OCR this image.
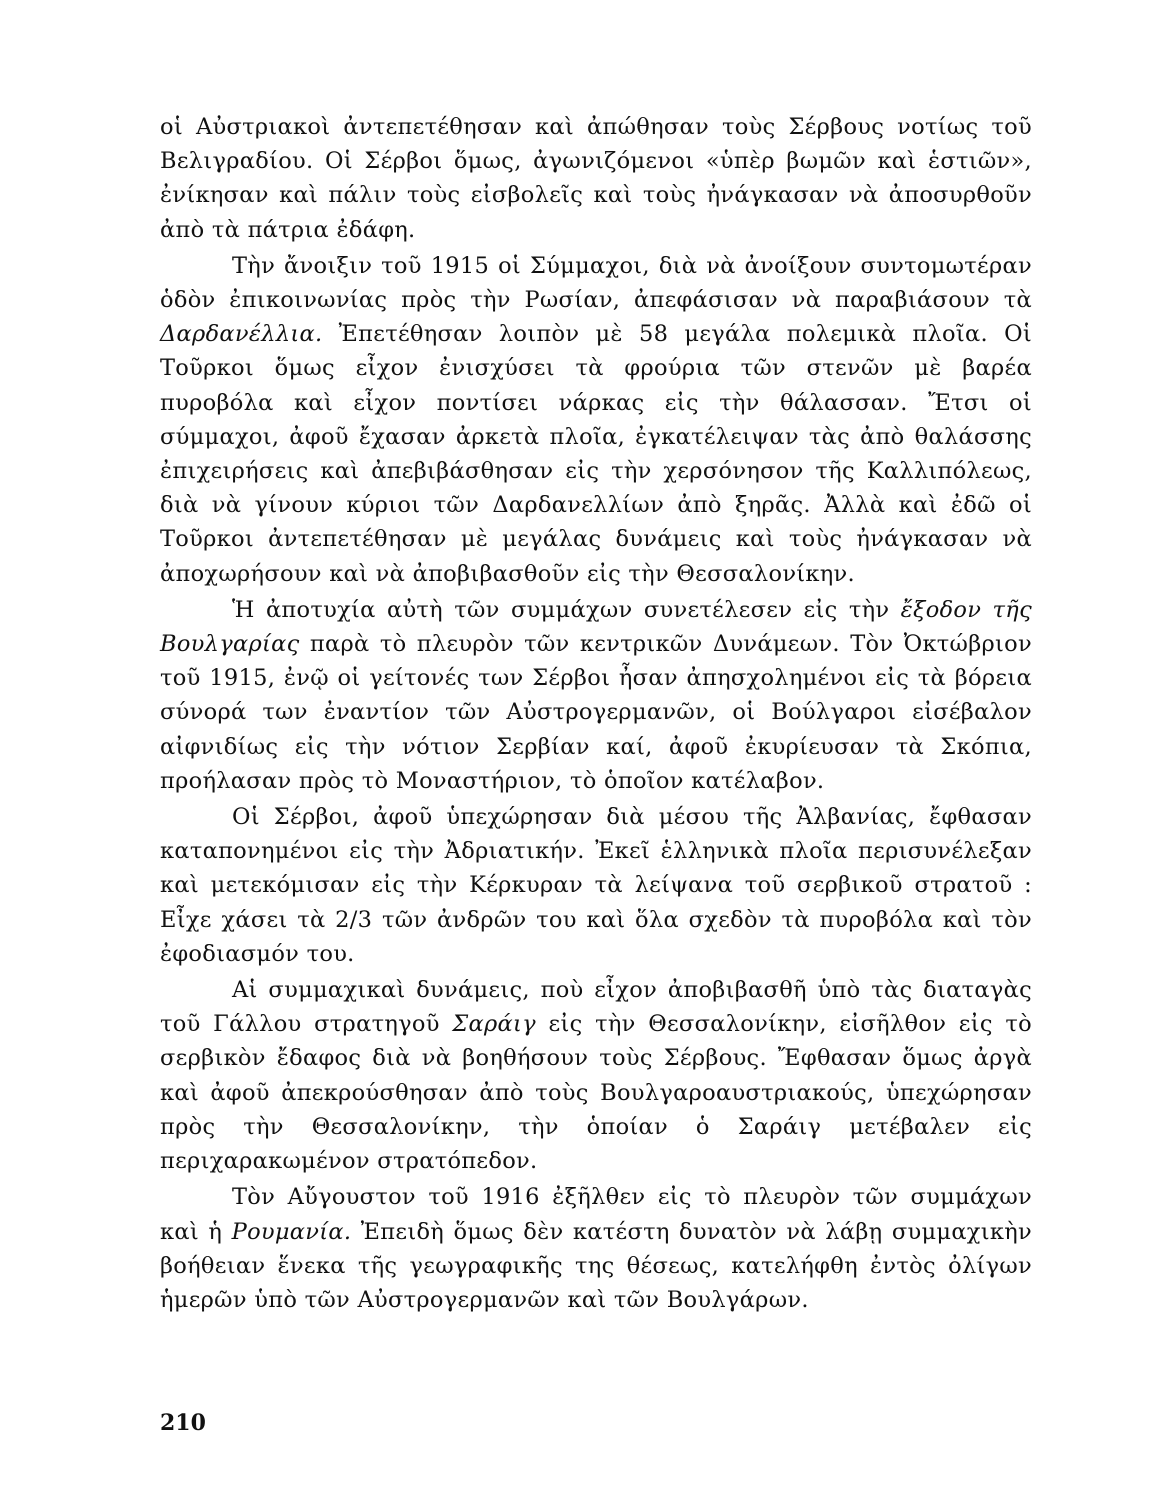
οἱ Αὐστριακοὶ ἀντεπετέθησαν καὶ ἀπώθησαν τοὺς Σέρβους νοτίως τοῦ Βελιγραδίου. Οἱ Σέρβοι ὅμως, ἀγωνιζόμενοι «ὑπὲρ βωμῶν καὶ ἑστιῶν», ἐνίκησαν καὶ πάλιν τοὺς εἰσβολεῖς καὶ τοὺς ἠνάγκασαν νὰ ἀποσυρθοῦν ἀπὸ τὰ πάτρια ἐδάφη.

Τὴν ἄνοιξιν τοῦ 1915 οἱ Σύμμαχοι, διὰ νὰ ἀνοίξουν συντομωτέραν ὁδὸν ἐπικοινωνίας πρὸς τὴν Ρωσίαν, ἀπεφάσισαν νὰ παραβιάσουν τὰ Δαρδανέλλια. Ἐπετέθησαν λοιπὸν μὲ 58 μεγάλα πολεμικὰ πλοῖα. Οἱ Τοῦρκοι ὅμως εἶχον ἐνισχύσει τὰ φρούρια τῶν στενῶν μὲ βαρέα πυροβόλα καὶ εἶχον ποντίσει νάρκας εἰς τὴν θάλασσαν. Ἔτσι οἱ σύμμαχοι, ἀφοῦ ἔχασαν ἀρκετὰ πλοῖα, ἐγκατέλειψαν τὰς ἀπὸ θαλάσσης ἐπιχειρήσεις καὶ ἀπεβιβάσθησαν εἰς τὴν χερσόνησον τῆς Καλλιπόλεως, διὰ νὰ γίνουν κύριοι τῶν Δαρδανελλίων ἀπὸ ξηρᾶς. Ἀλλὰ καὶ ἐδῶ οἱ Τοῦρκοι ἀντεπετέθησαν μὲ μεγάλας δυνάμεις καὶ τοὺς ἠνάγκασαν νὰ ἀποχωρήσουν καὶ νὰ ἀποβιβασθοῦν εἰς τὴν Θεσσαλονίκην.

Ἡ ἀποτυχία αὐτὴ τῶν συμμάχων συνετέλεσεν εἰς τὴν ἔξοδον τῆς Βουλγαρίας παρὰ τὸ πλευρὸν τῶν κεντρικῶν Δυνάμεων. Τὸν Ὀκτώβριον τοῦ 1915, ἐνῷ οἱ γείτονές των Σέρβοι ἦσαν ἀπησχολημένοι εἰς τὰ βόρεια σύνορά των ἐναντίον τῶν Αὐστρογερμανῶν, οἱ Βούλγαροι εἰσέβαλον αἰφνιδίως εἰς τὴν νότιον Σερβίαν καί, ἀφοῦ ἐκυρίευσαν τὰ Σκόπια, προήλασαν πρὸς τὸ Μοναστήριον, τὸ ὁποῖον κατέλαβον.

Οἱ Σέρβοι, ἀφοῦ ὑπεχώρησαν διὰ μέσου τῆς Ἀλβανίας, ἔφθασαν καταπονημένοι εἰς τὴν Ἀδριατικήν. Ἐκεῖ ἑλληνικὰ πλοῖα περισυνέλεξαν καὶ μετεκόμισαν εἰς τὴν Κέρκυραν τὰ λείψανα τοῦ σερβικοῦ στρατοῦ : Εἶχε χάσει τὰ 2/3 τῶν ἀνδρῶν του καὶ ὅλα σχεδὸν τὰ πυροβόλα καὶ τὸν ἐφοδιασμόν του.

Αἱ συμμαχικαὶ δυνάμεις, ποὺ εἶχον ἀποβιβασθῆ ὑπὸ τὰς διαταγὰς τοῦ Γάλλου στρατηγοῦ Σαράιγ εἰς τὴν Θεσσαλονίκην, εἰσῆλθον εἰς τὸ σερβικὸν ἔδαφος διὰ νὰ βοηθήσουν τοὺς Σέρβους. Ἔφθασαν ὅμως ἀργὰ καὶ ἀφοῦ ἀπεκρούσθησαν ἀπὸ τοὺς Βουλγαροαυστριακούς, ὑπεχώρησαν πρὸς τὴν Θεσσαλονίκην, τὴν ὁποίαν ὁ Σαράιγ μετέβαλεν εἰς περιχαρακωμένον στρατόπεδον.

Τὸν Αὔγουστον τοῦ 1916 ἐξῆλθεν εἰς τὸ πλευρὸν τῶν συμμάχων καὶ ἡ Ρουμανία. Ἐπειδὴ ὅμως δὲν κατέστη δυνατὸν νὰ λάβῃ συμμαχικὴν βοήθειαν ἕνεκα τῆς γεωγραφικῆς της θέσεως, κατελήφθη ἐντὸς ὀλίγων ἡμερῶν ὑπὸ τῶν Αὐστρογερμανῶν καὶ τῶν Βουλγάρων.

210
